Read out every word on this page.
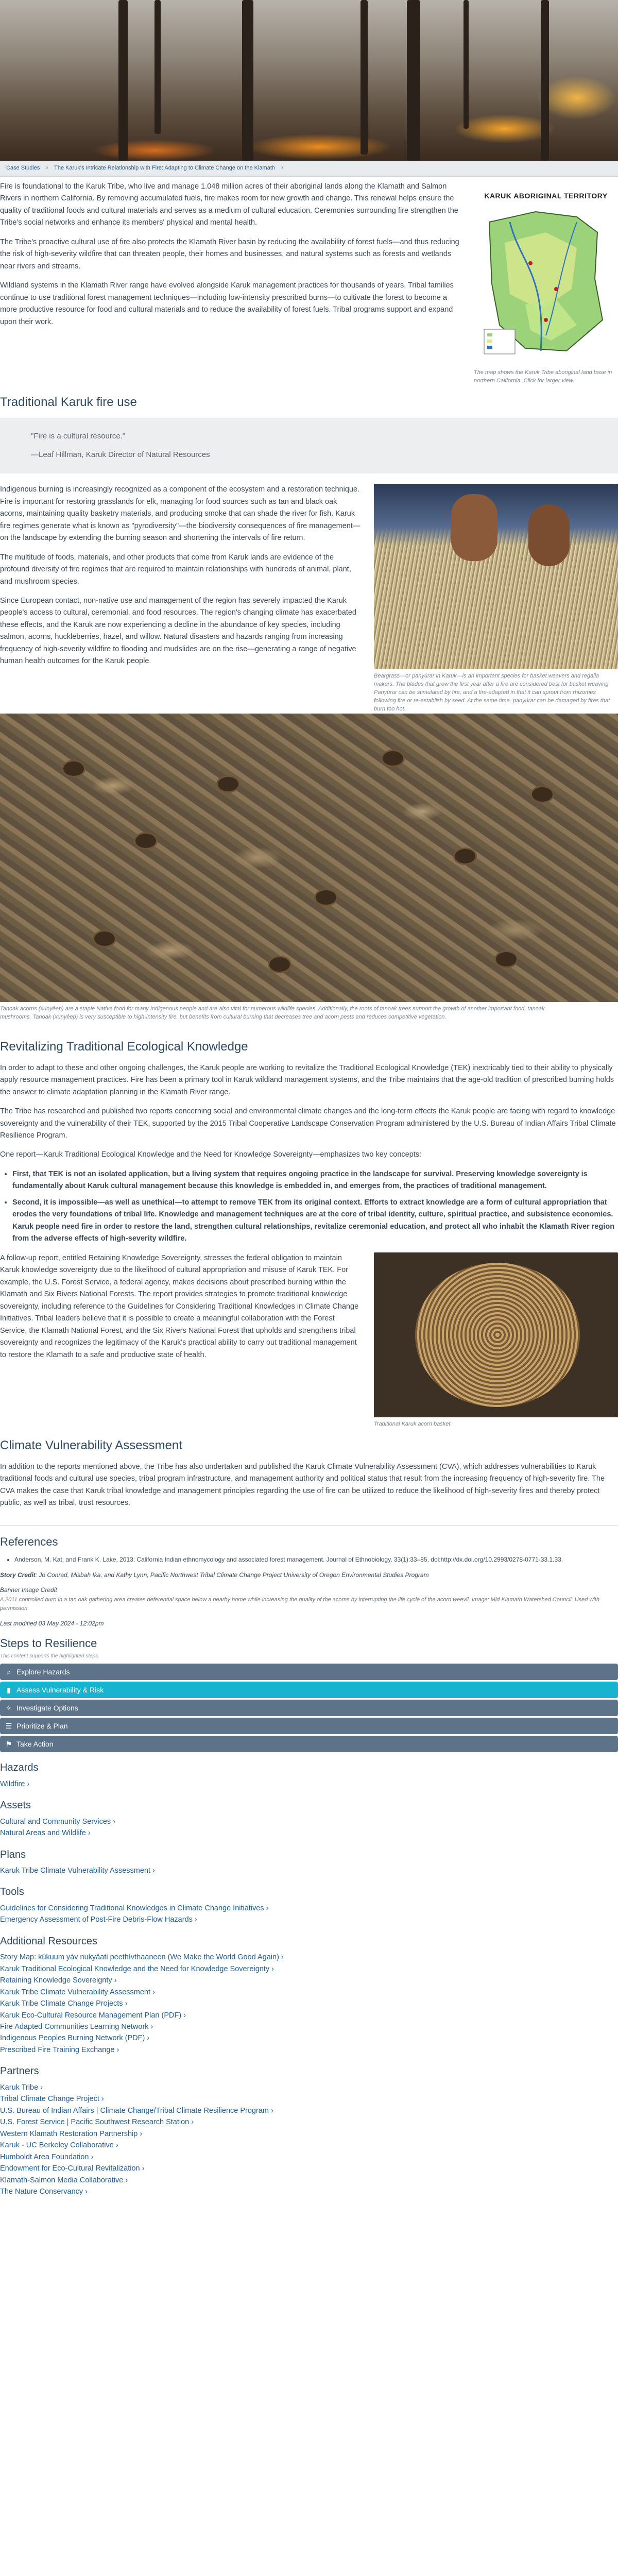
Case Studies › The Karuk's Intricate Relationship with Fire: Adapting to Climate Change on the Klamath ›

Fire is foundational to the Karuk Tribe, who live and manage 1.048 million acres of their aboriginal lands along the Klamath and Salmon Rivers in northern California. By removing accumulated fuels, fire makes room for new growth and change. This renewal helps ensure the quality of traditional foods and cultural materials and serves as a medium of cultural education. Ceremonies surrounding fire strengthen the Tribe's social networks and enhance its members' physical and mental health.

The Tribe's proactive cultural use of fire also protects the Klamath River basin by reducing the availability of forest fuels—and thus reducing the risk of high-severity wildfire that can threaten people, their homes and businesses, and natural systems such as forests and wetlands near rivers and streams.

Wildland systems in the Klamath River range have evolved alongside Karuk management practices for thousands of years. Tribal families continue to use traditional forest management techniques—including low-intensity prescribed burns—to cultivate the forest to become a more productive resource for food and cultural materials and to reduce the availability of forest fuels. Tribal programs support and expand upon their work.

KARUK ABORIGINAL TERRITORY

The map shows the Karuk Tribe aboriginal land base in northern California. Click for larger view.

Traditional Karuk fire use
"Fire is a cultural resource."
—Leaf Hillman, Karuk Director of Natural Resources

Indigenous burning is increasingly recognized as a component of the ecosystem and a restoration technique. Fire is important for restoring grasslands for elk, managing for food sources such as tan and black oak acorns, maintaining quality basketry materials, and producing smoke that can shade the river for fish. Karuk fire regimes generate what is known as "pyrodiversity"—the biodiversity consequences of fire management—on the landscape by extending the burning season and shortening the intervals of fire return.

The multitude of foods, materials, and other products that come from Karuk lands are evidence of the profound diversity of fire regimes that are required to maintain relationships with hundreds of animal, plant, and mushroom species.

Since European contact, non-native use and management of the region has severely impacted the Karuk people's access to cultural, ceremonial, and food resources. The region's changing climate has exacerbated these effects, and the Karuk are now experiencing a decline in the abundance of key species, including salmon, acorns, huckleberries, hazel, and willow. Natural disasters and hazards ranging from increasing frequency of high-severity wildfire to flooding and mudslides are on the rise—generating a range of negative human health outcomes for the Karuk people.

Beargrass—or panyúrar in Karuk—is an important species for basket weavers and regalia makers. The blades that grow the first year after a fire are considered best for basket weaving. Panyúrar can be stimulated by fire, and a fire-adapted in that it can sprout from rhizomes following fire or re-establish by seed. At the same time, panyúrar can be damaged by fires that burn too hot.

Tanoak acorns (xunyêep) are a staple Native food for many Indigenous people and are also vital for numerous wildlife species. Additionally, the roots of tanoak trees support the growth of another important food, tanoak mushrooms. Tanoak (xunyêep) is very susceptible to high-intensity fire, but benefits from cultural burning that decreases tree and acorn pests and reduces competitive vegetation.

Revitalizing Traditional Ecological Knowledge

In order to adapt to these and other ongoing challenges, the Karuk people are working to revitalize the Traditional Ecological Knowledge (TEK) inextricably tied to their ability to physically apply resource management practices. Fire has been a primary tool in Karuk wildland management systems, and the Tribe maintains that the age-old tradition of prescribed burning holds the answer to climate adaptation planning in the Klamath River range.

The Tribe has researched and published two reports concerning social and environmental climate changes and the long-term effects the Karuk people are facing with regard to knowledge sovereignty and the vulnerability of their TEK, supported by the 2015 Tribal Cooperative Landscape Conservation Program administered by the U.S. Bureau of Indian Affairs Tribal Climate Resilience Program.

One report—Karuk Traditional Ecological Knowledge and the Need for Knowledge Sovereignty—emphasizes two key concepts:

• First, that TEK is not an isolated application, but a living system that requires ongoing practice in the landscape for survival. Preserving knowledge sovereignty is fundamentally about Karuk cultural management because this knowledge is embedded in, and emerges from, the practices of traditional management.
• Second, it is impossible—as well as unethical—to attempt to remove TEK from its original context. Efforts to extract knowledge are a form of cultural appropriation that erodes the very foundations of tribal life. Knowledge and management techniques are at the core of tribal identity, culture, spiritual practice, and subsistence economies. Karuk people need fire in order to restore the land, strengthen cultural relationships, revitalize ceremonial education, and protect all who inhabit the Klamath River region from the adverse effects of high-severity wildfire.

A follow-up report, entitled Retaining Knowledge Sovereignty, stresses the federal obligation to maintain Karuk knowledge sovereignty due to the likelihood of cultural appropriation and misuse of Karuk TEK. For example, the U.S. Forest Service, a federal agency, makes decisions about prescribed burning within the Klamath and Six Rivers National Forests. The report provides strategies to promote traditional knowledge sovereignty, including reference to the Guidelines for Considering Traditional Knowledges in Climate Change Initiatives. Tribal leaders believe that it is possible to create a meaningful collaboration with the Forest Service, the Klamath National Forest, and the Six Rivers National Forest that upholds and strengthens tribal sovereignty and recognizes the legitimacy of the Karuk's practical ability to carry out traditional management to restore the Klamath to a safe and productive state of health.

Traditional Karuk acorn basket.

Climate Vulnerability Assessment

In addition to the reports mentioned above, the Tribe has also undertaken and published the Karuk Climate Vulnerability Assessment (CVA), which addresses vulnerabilities to Karuk traditional foods and cultural use species, tribal program infrastructure, and management authority and political status that result from the increasing frequency of high-severity fire. The CVA makes the case that Karuk tribal knowledge and management principles regarding the use of fire can be utilized to reduce the likelihood of high-severity fires and thereby protect public, as well as tribal, trust resources.

References
• Anderson, M. Kat, and Frank K. Lake, 2013: California Indian ethnomycology and associated forest management. Journal of Ethnobiology, 33(1):33–85, doi:http://dx.doi.org/10.2993/0278-0771-33.1.33.
Story Credit: Jo Conrad, Misbah Ika, and Kathy Lynn, Pacific Northwest Tribal Climate Change Project University of Oregon Environmental Studies Program
Banner Image Credit
A 2011 controlled burn in a tan oak gathering area creates deferential space below a nearby home while increasing the quality of the acorns by interrupting the life cycle of the acorn weevil. Image: Mid Klamath Watershed Council. Used with permission
Last modified 03 May 2024 - 12:02pm
Steps to Resilience
This content supports the highlighted steps.
⌕ Explore Hazards
▮ Assess Vulnerability & Risk
✧ Investigate Options
☰ Prioritize & Plan
⚑ Take Action
Hazards
Wildfire ›
Assets
Cultural and Community Services ›
Natural Areas and Wildlife ›
Plans
Karuk Tribe Climate Vulnerability Assessment ›
Tools
Guidelines for Considering Traditional Knowledges in Climate Change Initiatives ›
Emergency Assessment of Post-Fire Debris-Flow Hazards ›
Additional Resources
Story Map: kúkuum yáv nukyâati peethívthaaneen (We Make the World Good Again) ›
Karuk Traditional Ecological Knowledge and the Need for Knowledge Sovereignty ›
Retaining Knowledge Sovereignty ›
Karuk Tribe Climate Vulnerability Assessment ›
Karuk Tribe Climate Change Projects ›
Karuk Eco-Cultural Resource Management Plan (PDF) ›
Fire Adapted Communities Learning Network ›
Indigenous Peoples Burning Network (PDF) ›
Prescribed Fire Training Exchange ›
Partners
Karuk Tribe ›
Tribal Climate Change Project ›
U.S. Bureau of Indian Affairs | Climate Change/Tribal Climate Resilience Program ›
U.S. Forest Service | Pacific Southwest Research Station ›
Western Klamath Restoration Partnership ›
Karuk - UC Berkeley Collaborative ›
Humboldt Area Foundation ›
Endowment for Eco-Cultural Revitalization ›
Klamath-Salmon Media Collaborative ›
The Nature Conservancy ›
